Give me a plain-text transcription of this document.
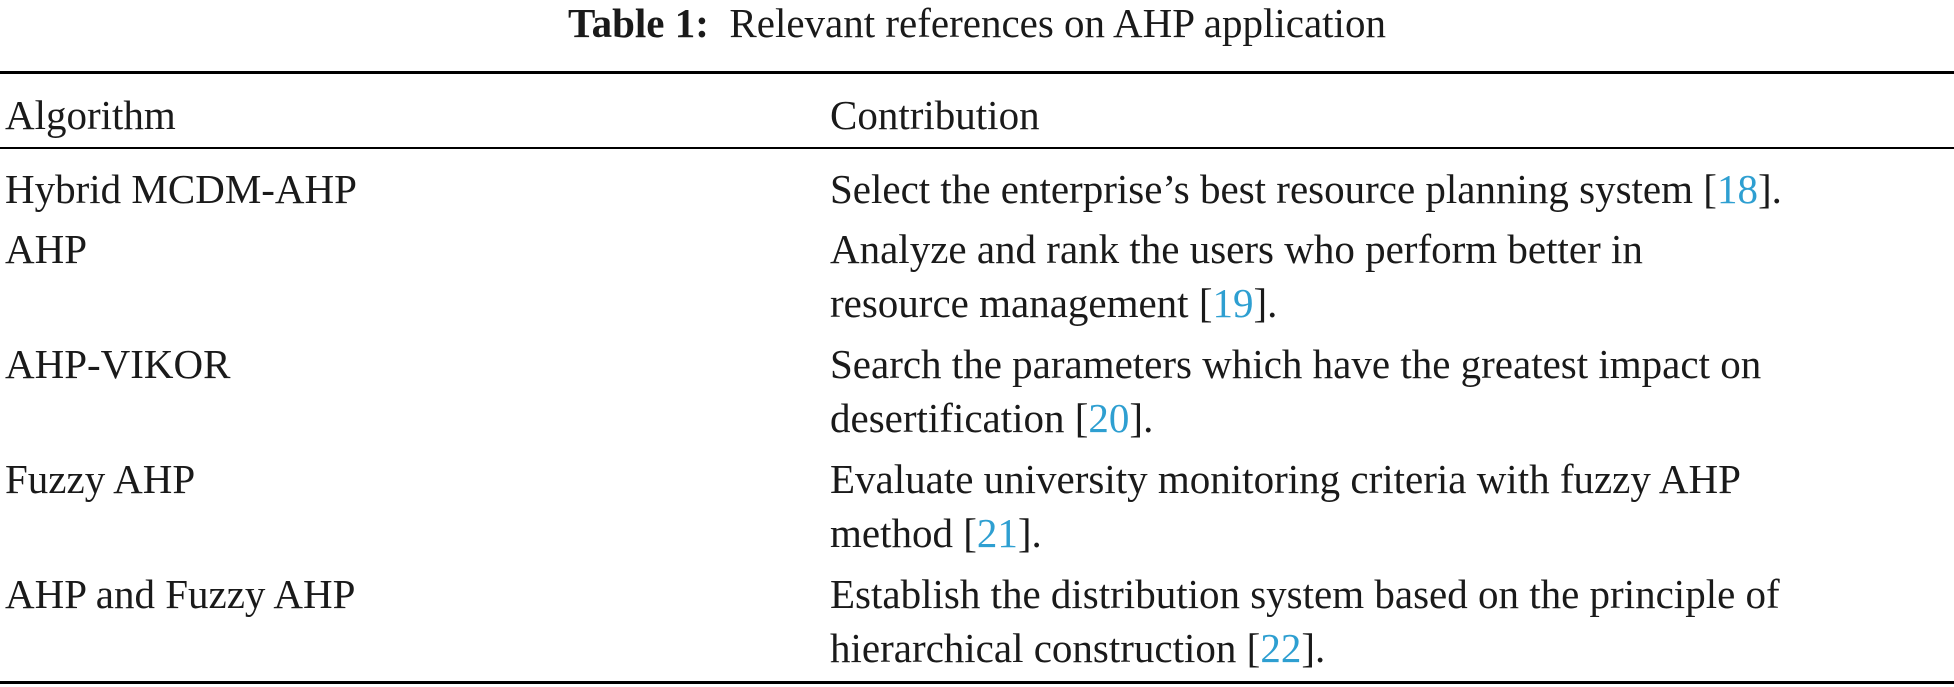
Table 1: Relevant references on AHP application
Algorithm	Contribution
Hybrid MCDM-AHP	Select the enterprise’s best resource planning system [18].
AHP	Analyze and rank the users who perform better in
resource management [19].
AHP-VIKOR	Search the parameters which have the greatest impact on
desertification [20].
Fuzzy AHP	Evaluate university monitoring criteria with fuzzy AHP
method [21].
AHP and Fuzzy AHP	Establish the distribution system based on the principle of
hierarchical construction [22].
